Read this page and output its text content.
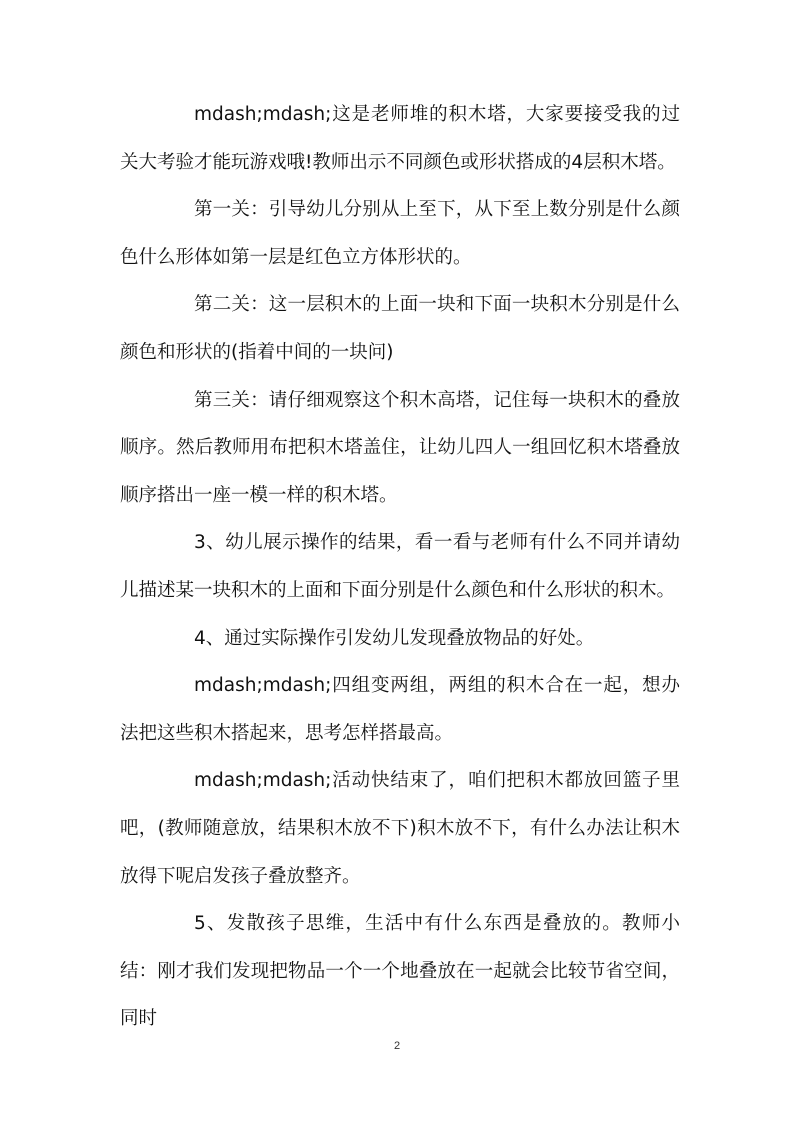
mdash;mdash;这是老师堆的积木塔，大家要接受我的过关大考验才能玩游戏哦!教师出示不同颜色或形状搭成的4层积木塔。

第一关：引导幼儿分别从上至下，从下至上数分别是什么颜色什么形体如第一层是红色立方体形状的。

第二关：这一层积木的上面一块和下面一块积木分别是什么颜色和形状的(指着中间的一块问)

第三关：请仔细观察这个积木高塔，记住每一块积木的叠放顺序。然后教师用布把积木塔盖住，让幼儿四人一组回忆积木塔叠放顺序搭出一座一模一样的积木塔。

3、幼儿展示操作的结果，看一看与老师有什么不同并请幼儿描述某一块积木的上面和下面分别是什么颜色和什么形状的积木。

4、通过实际操作引发幼儿发现叠放物品的好处。

mdash;mdash;四组变两组，两组的积木合在一起，想办法把这些积木搭起来，思考怎样搭最高。

mdash;mdash;活动快结束了，咱们把积木都放回篮子里吧，(教师随意放，结果积木放不下)积木放不下，有什么办法让积木放得下呢启发孩子叠放整齐。

5、发散孩子思维，生活中有什么东西是叠放的。教师小结：刚才我们发现把物品一个一个地叠放在一起就会比较节省空间，同时

2
